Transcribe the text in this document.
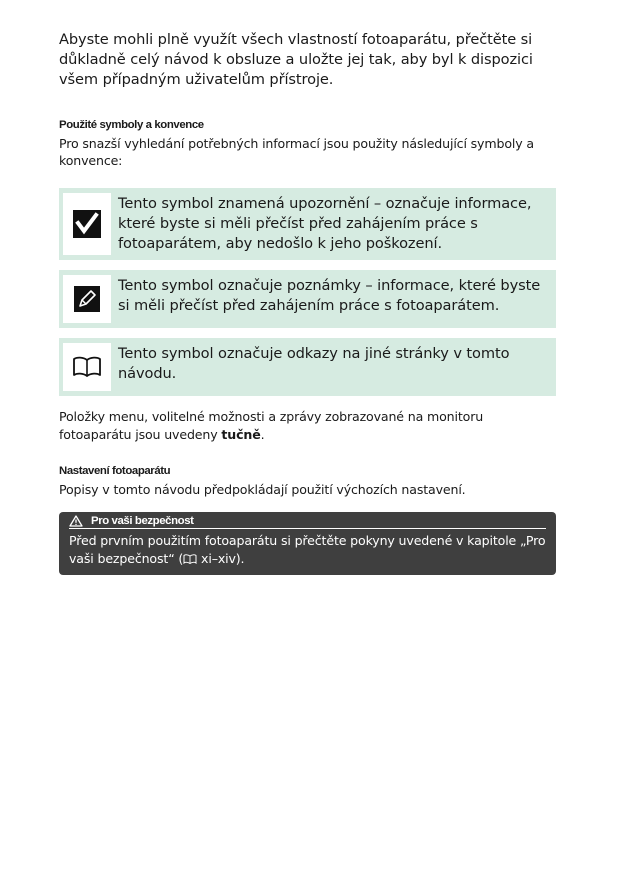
Abyste mohli plně využít všech vlastností fotoaparátu, přečtěte si důkladně celý návod k obsluze a uložte jej tak, aby byl k dispozici všem případným uživatelům přístroje.

Použité symboly a konvence
Pro snazší vyhledání potřebných informací jsou použity následující symboly a konvence:
Tento symbol znamená upozornění – označuje informace, které byste si měli přečíst před zahájením práce s fotoaparátem, aby nedošlo k jeho poškození.
Tento symbol označuje poznámky – informace, které byste si měli přečíst před zahájením práce s fotoaparátem.
Tento symbol označuje odkazy na jiné stránky v tomto návodu.

Položky menu, volitelné možnosti a zprávy zobrazované na monitoru fotoaparátu jsou uvedeny tučně.

Nastavení fotoaparátu
Popisy v tomto návodu předpokládají použití výchozích nastavení.
Pro vaši bezpečnost
Před prvním použitím fotoaparátu si přečtěte pokyny uvedené v kapitole „Pro vaši bezpečnost“ ( xi–xiv).
